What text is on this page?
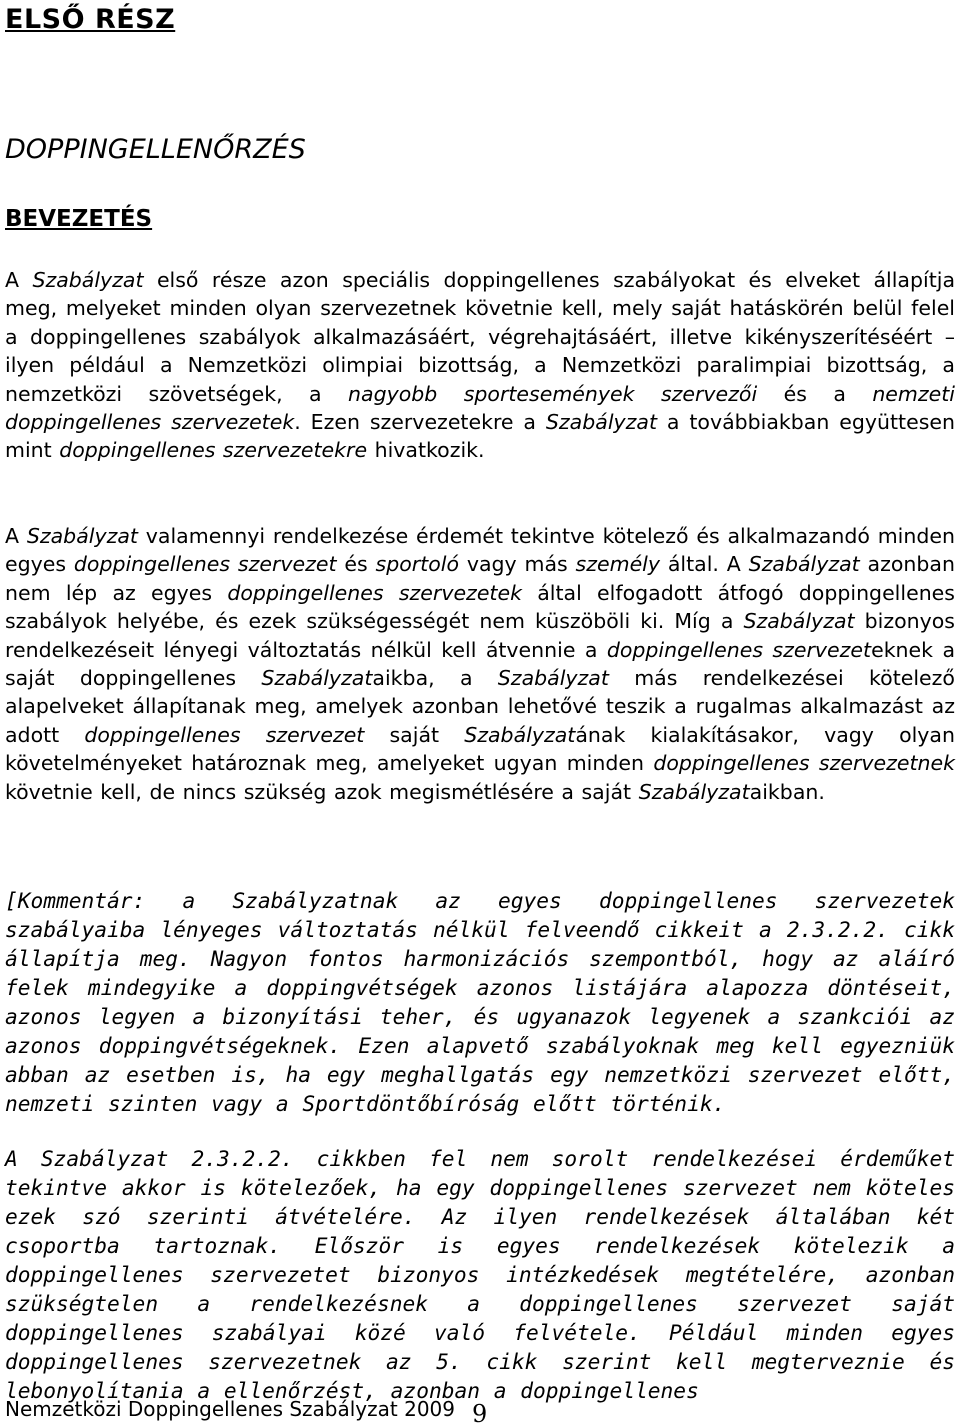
ELSŐ RÉSZ
DOPPINGELLENŐRZÉS
BEVEZETÉS

A Szabályzat első része azon speciális doppingellenes szabályokat és elveket állapítja meg, melyeket minden olyan szervezetnek követnie kell, mely saját hatáskörén belül felel a doppingellenes szabályok alkalmazásáért, végrehajtásáért, illetve kikényszerítéséért – ilyen például a Nemzetközi olimpiai bizottság, a Nemzetközi paralimpiai bizottság, a nemzetközi szövetségek, a nagyobb sportesemények szervezői és a nemzeti doppingellenes szervezetek. Ezen szervezetekre a Szabályzat a továbbiakban együttesen mint doppingellenes szervezetekre hivatkozik.

A Szabályzat valamennyi rendelkezése érdemét tekintve kötelező és alkalmazandó minden egyes doppingellenes szervezet és sportoló vagy más személy által. A Szabályzat azonban nem lép az egyes doppingellenes szervezetek által elfogadott átfogó doppingellenes szabályok helyébe, és ezek szükségességét nem küszöböli ki. Míg a Szabályzat bizonyos rendelkezéseit lényegi változtatás nélkül kell átvennie a doppingellenes szervezeteknek a saját doppingellenes Szabályzataikba, a Szabályzat más rendelkezései kötelező alapelveket állapítanak meg, amelyek azonban lehetővé teszik a rugalmas alkalmazást az adott doppingellenes szervezet saját Szabályzatának kialakításakor, vagy olyan követelményeket határoznak meg, amelyeket ugyan minden doppingellenes szervezetnek követnie kell, de nincs szükség azok megismétlésére a saját Szabályzataikban.

[Kommentár: a Szabályzatnak az egyes doppingellenes szervezetek szabályaiba lényeges változtatás nélkül felveendő cikkeit a 2.3.2.2. cikk állapítja meg. Nagyon fontos harmonizációs szempontból, hogy az aláíró felek mindegyike a doppingvétségek azonos listájára alapozza döntéseit, azonos legyen a bizonyítási teher, és ugyanazok legyenek a szankciói az azonos doppingvétségeknek. Ezen alapvető szabályoknak meg kell egyezniük abban az esetben is, ha egy meghallgatás egy nemzetközi szervezet előtt, nemzeti szinten vagy a Sportdöntőbíróság előtt történik.

A Szabályzat 2.3.2.2. cikkben fel nem sorolt rendelkezései érdeműket tekintve akkor is kötelezőek, ha egy doppingellenes szervezet nem köteles ezek szó szerinti átvételére. Az ilyen rendelkezések általában két csoportba tartoznak. Először is egyes rendelkezések kötelezik a doppingellenes szervezetet bizonyos intézkedések megtételére, azonban szükségtelen a rendelkezésnek a doppingellenes szervezet saját doppingellenes szabályai közé való felvétele. Például minden egyes doppingellenes szervezetnek az 5. cikk szerint kell megterveznie és lebonyolítania a ellenőrzést, azonban a doppingellenes

Nemzetközi Doppingellenes Szabályzat 2009 9
